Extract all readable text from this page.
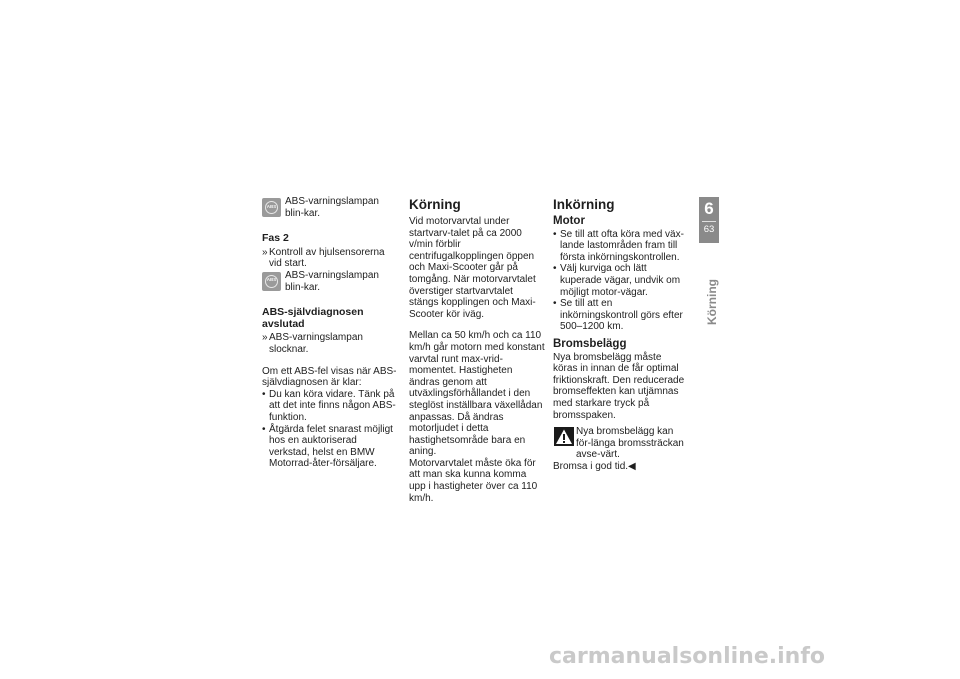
ABS ABS-varningslampan blin-kar.

Fas 2

» Kontroll av hjulsensorerna vid start.

ABS ABS-varningslampan blin-kar.

ABS-självdiagnosen avslutad

» ABS-varningslampan slocknar.

Om ett ABS-fel visas när ABS-självdiagnosen är klar:

• Du kan köra vidare. Tänk på att det inte finns någon ABS-funktion.
• Åtgärda felet snarast möjligt hos en auktoriserad verkstad, helst en BMW Motorrad-åter-försäljare.

Körning

Vid motorvarvtal under startvarv-talet på ca 2000 v/min förblir centrifugalkopplingen öppen och Maxi-Scooter går på tomgång. När motorvarvtalet överstiger startvarvtalet stängs kopplingen och Maxi-Scooter kör iväg.

Mellan ca 50 km/h och ca 110 km/h går motorn med konstant varvtal runt max-vrid-momentet. Hastigheten ändras genom att utväxlingsförhållandet i den steglöst inställbara växellådan anpassas. Då ändras motorljudet i detta hastighetsområde bara en aning.

Motorvarvtalet måste öka för att man ska kunna komma upp i hastigheter över ca 110 km/h.

Inkörning

Motor

• Se till att ofta köra med väx-lande lastområden fram till första inkörningskontrollen.
• Välj kurviga och lätt kuperade vägar, undvik om möjligt motor-vägar.
• Se till att en inkörningskontroll görs efter 500–1200 km.

Bromsbelägg

Nya bromsbelägg måste köras in innan de får optimal friktionskraft. Den reducerade bromseffekten kan utjämnas med starkare tryck på bromsspaken.

Nya bromsbelägg kan för-länga bromssträckan avse-värt.

Bromsa i god tid.◀

6
63
Körning
carmanualsonline.info
